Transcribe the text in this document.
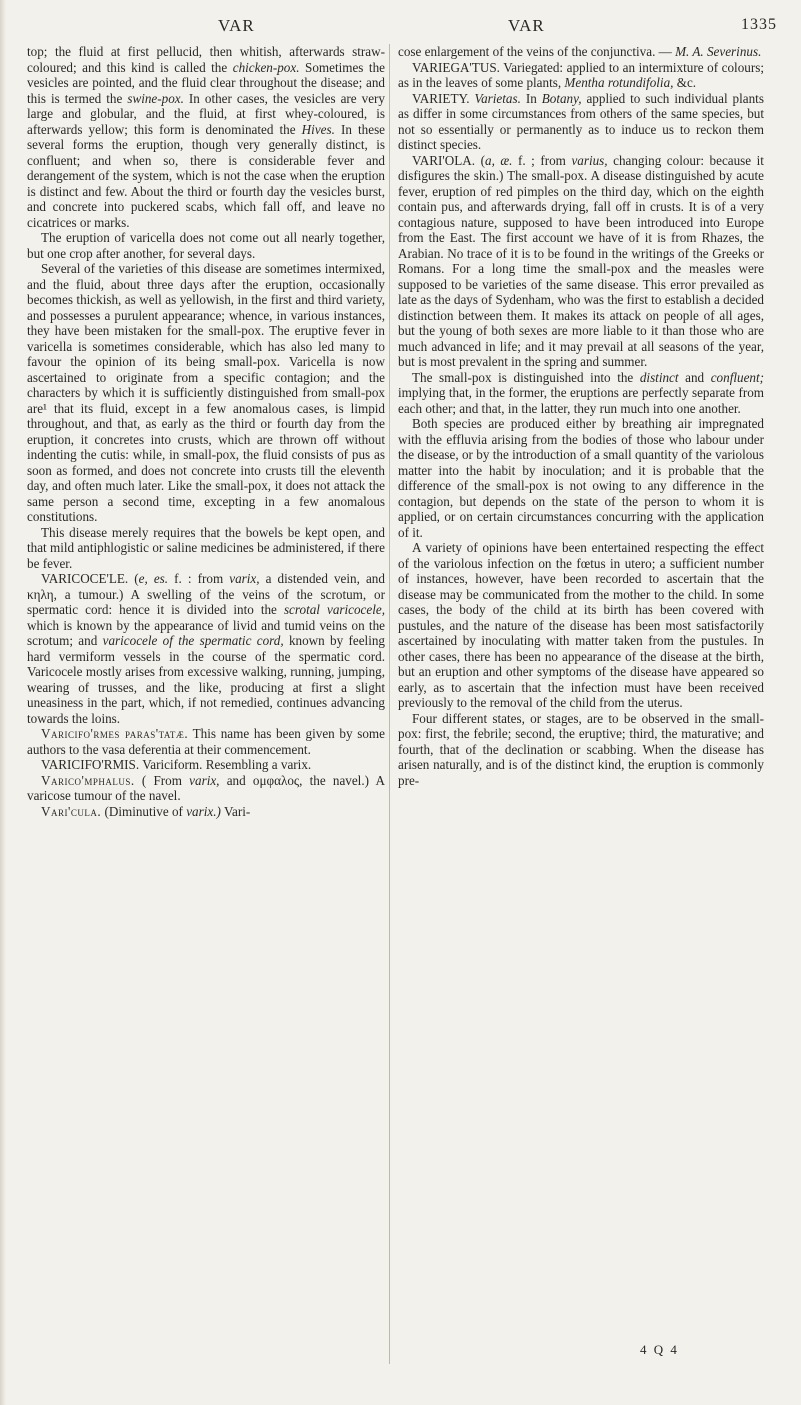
VAR	VAR	1335

top; the fluid at first pellucid, then whitish, afterwards straw-coloured; and this kind is called the chicken-pox. Sometimes the vesicles are pointed, and the fluid clear throughout the disease; and this is termed the swine-pox. In other cases, the vesicles are very large and globular, and the fluid, at first whey-coloured, is afterwards yellow; this form is denominated the Hives. In these several forms the eruption, though very generally distinct, is confluent; and when so, there is considerable fever and derangement of the system, which is not the case when the eruption is distinct and few. About the third or fourth day the vesicles burst, and concrete into puckered scabs, which fall off, and leave no cicatrices or marks.

The eruption of varicella does not come out all nearly together, but one crop after another, for several days.

Several of the varieties of this disease are sometimes intermixed, and the fluid, about three days after the eruption, occasionally becomes thickish, as well as yellowish, in the first and third variety, and possesses a purulent appearance; whence, in various instances, they have been mistaken for the small-pox. The eruptive fever in varicella is sometimes considerable, which has also led many to favour the opinion of its being small-pox. Varicella is now ascertained to originate from a specific contagion; and the characters by which it is sufficiently distinguished from small-pox are¹ that its fluid, except in a few anomalous cases, is limpid throughout, and that, as early as the third or fourth day from the eruption, it concretes into crusts, which are thrown off without indenting the cutis: while, in small-pox, the fluid consists of pus as soon as formed, and does not concrete into crusts till the eleventh day, and often much later. Like the small-pox, it does not attack the same person a second time, excepting in a few anomalous constitutions.

This disease merely requires that the bowels be kept open, and that mild antiphlogistic or saline medicines be administered, if there be fever.

VARICOCE'LE. (e, es. f. : from varix, a distended vein, and κηλη, a tumour.) A swelling of the veins of the scrotum, or spermatic cord: hence it is divided into the scrotal varicocele, which is known by the appearance of livid and tumid veins on the scrotum; and varicocele of the spermatic cord, known by feeling hard vermiform vessels in the course of the spermatic cord. Varicocele mostly arises from excessive walking, running, jumping, wearing of trusses, and the like, producing at first a slight uneasiness in the part, which, if not remedied, continues advancing towards the loins.

Varicifo'rmes paras'tatæ. This name has been given by some authors to the vasa deferentia at their commencement.

VARICIFO'RMIS. Variciform. Resembling a varix.

Varico'mphalus. ( From varix, and ομφαλος, the navel.) A varicose tumour of the navel.

Vari'cula. (Diminutive of varix.) Vari-

cose enlargement of the veins of the conjunctiva. — M. A. Severinus.

VARIEGA'TUS. Variegated: applied to an intermixture of colours; as in the leaves of some plants, Mentha rotundifolia, &c.

VARIETY. Varietas. In Botany, applied to such individual plants as differ in some circumstances from others of the same species, but not so essentially or permanently as to induce us to reckon them distinct species.

VARI'OLA. (a, æ. f. ; from varius, changing colour: because it disfigures the skin.) The small-pox. A disease distinguished by acute fever, eruption of red pimples on the third day, which on the eighth contain pus, and afterwards drying, fall off in crusts. It is of a very contagious nature, supposed to have been introduced into Europe from the East. The first account we have of it is from Rhazes, the Arabian. No trace of it is to be found in the writings of the Greeks or Romans. For a long time the small-pox and the measles were supposed to be varieties of the same disease. This error prevailed as late as the days of Sydenham, who was the first to establish a decided distinction between them. It makes its attack on people of all ages, but the young of both sexes are more liable to it than those who are much advanced in life; and it may prevail at all seasons of the year, but is most prevalent in the spring and summer.

The small-pox is distinguished into the distinct and confluent; implying that, in the former, the eruptions are perfectly separate from each other; and that, in the latter, they run much into one another.

Both species are produced either by breathing air impregnated with the effluvia arising from the bodies of those who labour under the disease, or by the introduction of a small quantity of the variolous matter into the habit by inoculation; and it is probable that the difference of the small-pox is not owing to any difference in the contagion, but depends on the state of the person to whom it is applied, or on certain circumstances concurring with the application of it.

A variety of opinions have been entertained respecting the effect of the variolous infection on the fœtus in utero; a sufficient number of instances, however, have been recorded to ascertain that the disease may be communicated from the mother to the child. In some cases, the body of the child at its birth has been covered with pustules, and the nature of the disease has been most satisfactorily ascertained by inoculating with matter taken from the pustules. In other cases, there has been no appearance of the disease at the birth, but an eruption and other symptoms of the disease have appeared so early, as to ascertain that the infection must have been received previously to the removal of the child from the uterus.

Four different states, or stages, are to be observed in the small-pox: first, the febrile; second, the eruptive; third, the maturative; and fourth, that of the declination or scabbing. When the disease has arisen naturally, and is of the distinct kind, the eruption is commonly pre-

4 Q 4
